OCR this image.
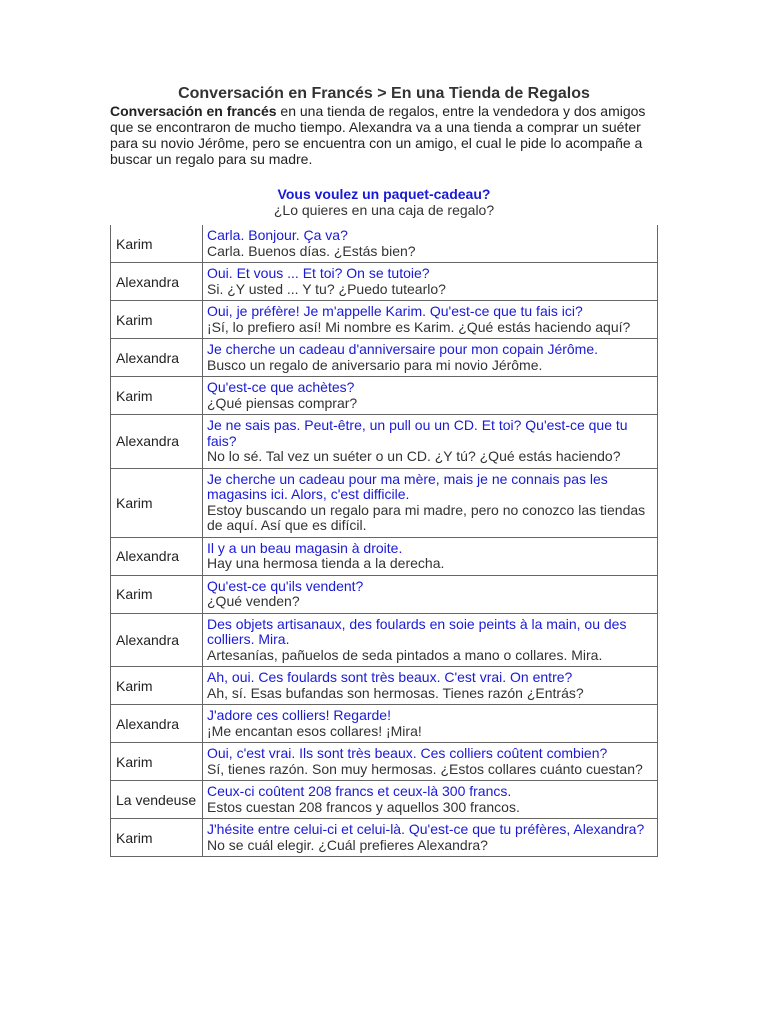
Conversación en Francés > En una Tienda de Regalos

Conversación en francés en una tienda de regalos, entre la vendedora y dos amigos que se encontraron de mucho tiempo. Alexandra va a una tienda a comprar un suéter para su novio Jérôme, pero se encuentra con un amigo, el cual le pide lo acompañe a buscar un regalo para su madre.

Vous voulez un paquet-cadeau?
¿Lo quieres en una caja de regalo?
Karim	Carla. Bonjour. Ça va?
Carla. Buenos días. ¿Estás bien?

Alexandra	Oui. Et vous ... Et toi? On se tutoie?
Si. ¿Y usted ... Y tu? ¿Puedo tutearlo?

Karim	Oui, je préfère! Je m'appelle Karim. Qu'est-ce que tu fais ici?
¡Sí, lo prefiero así! Mi nombre es Karim. ¿Qué estás haciendo aquí?

Alexandra	Je cherche un cadeau d'anniversaire pour mon copain Jérôme.
Busco un regalo de aniversario para mi novio Jérôme.

Karim	Qu'est-ce que achètes?
¿Qué piensas comprar?

Alexandra	Je ne sais pas. Peut-être, un pull ou un CD. Et toi? Qu'est-ce que tu fais?
No lo sé. Tal vez un suéter o un CD. ¿Y tú? ¿Qué estás haciendo?

Karim	Je cherche un cadeau pour ma mère, mais je ne connais pas les magasins ici. Alors, c'est difficile.
Estoy buscando un regalo para mi madre, pero no conozco las tiendas de aquí. Así que es difícil.

Alexandra	Il y a un beau magasin à droite.
Hay una hermosa tienda a la derecha.

Karim	Qu'est-ce qu'ils vendent?
¿Qué venden?

Alexandra	Des objets artisanaux, des foulards en soie peints à la main, ou des colliers. Mira.
Artesanías, pañuelos de seda pintados a mano o collares. Mira.

Karim	Ah, oui. Ces foulards sont très beaux. C'est vrai. On entre?
Ah, sí. Esas bufandas son hermosas. Tienes razón ¿Entrás?

Alexandra	J'adore ces colliers! Regarde!
¡Me encantan esos collares! ¡Mira!

Karim	Oui, c'est vrai. Ils sont très beaux. Ces colliers coûtent combien?
Sí, tienes razón. Son muy hermosas. ¿Estos collares cuánto cuestan?

La vendeuse	Ceux-ci coûtent 208 francs et ceux-là 300 francs.
Estos cuestan 208 francos y aquellos 300 francos.

Karim	J'hésite entre celui-ci et celui-là. Qu'est-ce que tu préfères, Alexandra?
No se cuál elegir. ¿Cuál prefieres Alexandra?
